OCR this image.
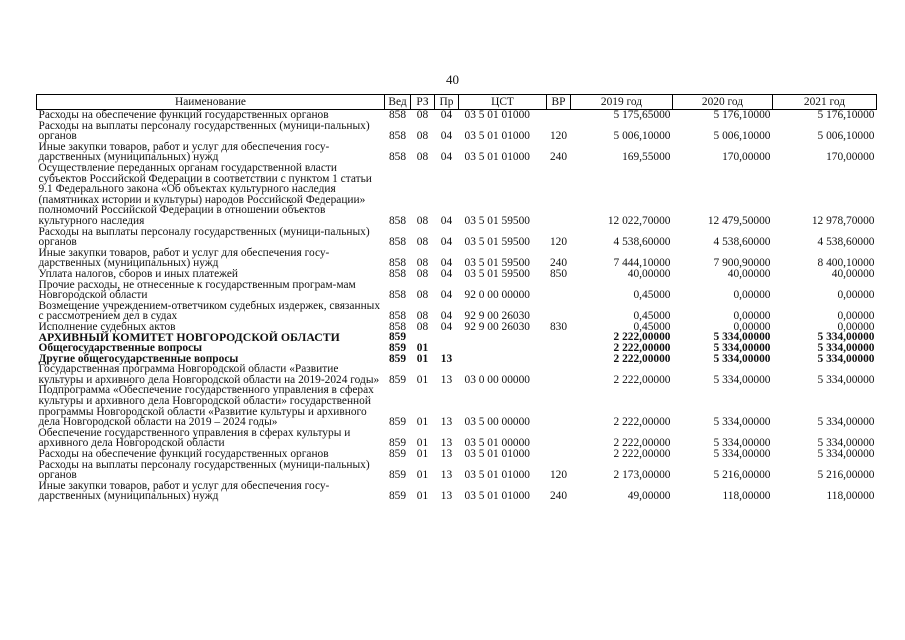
40
Наименование	Вед	РЗ	Пр	ЦСТ	ВР	2019 год	2020 год	2021 год
Расходы на обеспечение функций государственных органов	858	08	04	03 5 01 01000		5 175,65000	5 176,10000	5 176,10000
Расходы на выплаты персоналу государственных (муници-пальных) органов	858	08	04	03 5 01 01000	120	5 006,10000	5 006,10000	5 006,10000
Иные закупки товаров, работ и услуг для обеспечения госу-дарственных (муниципальных) нужд	858	08	04	03 5 01 01000	240	169,55000	170,00000	170,00000
Осуществление переданных органам государственной власти субъектов Российской Федерации в соответствии с пунктом 1 статьи 9.1 Федерального закона «Об объектах культурного наследия (памятниках истории и культуры) народов Российской Федерации» полномочий Российской Федерации в отношении объектов культурного наследия	858	08	04	03 5 01 59500		12 022,70000	12 479,50000	12 978,70000
Расходы на выплаты персоналу государственных (муници-пальных) органов	858	08	04	03 5 01 59500	120	4 538,60000	4 538,60000	4 538,60000
Иные закупки товаров, работ и услуг для обеспечения госу-дарственных (муниципальных) нужд	858	08	04	03 5 01 59500	240	7 444,10000	7 900,90000	8 400,10000
Уплата налогов, сборов и иных платежей	858	08	04	03 5 01 59500	850	40,00000	40,00000	40,00000
Прочие расходы, не отнесенные к государственным програм-мам Новгородской области	858	08	04	92 0 00 00000		0,45000	0,00000	0,00000
Возмещение учреждением-ответчиком судебных издержек, связанных с рассмотрением дел в судах	858	08	04	92 9 00 26030		0,45000	0,00000	0,00000
Исполнение судебных актов	858	08	04	92 9 00 26030	830	0,45000	0,00000	0,00000
АРХИВНЫЙ КОМИТЕТ НОВГОРОДСКОЙ ОБЛАСТИ	859					2 222,00000	5 334,00000	5 334,00000
Общегосударственные вопросы	859	01				2 222,00000	5 334,00000	5 334,00000
Другие общегосударственные вопросы	859	01	13			2 222,00000	5 334,00000	5 334,00000
Государственная программа Новгородской области «Развитие культуры и архивного дела Новгородской области на 2019-2024 годы»	859	01	13	03 0 00 00000		2 222,00000	5 334,00000	5 334,00000
Подпрограмма «Обеспечение государственного управления в сферах культуры и архивного дела Новгородской области» государственной программы Новгородской области «Развитие культуры и архивного дела Новгородской области на 2019 – 2024 годы»	859	01	13	03 5 00 00000		2 222,00000	5 334,00000	5 334,00000
Обеспечение государственного управления в сферах культуры и архивного дела Новгородской области	859	01	13	03 5 01 00000		2 222,00000	5 334,00000	5 334,00000
Расходы на обеспечение функций государственных органов	859	01	13	03 5 01 01000		2 222,00000	5 334,00000	5 334,00000
Расходы на выплаты персоналу государственных (муници-пальных) органов	859	01	13	03 5 01 01000	120	2 173,00000	5 216,00000	5 216,00000
Иные закупки товаров, работ и услуг для обеспечения госу-дарственных (муниципальных) нужд	859	01	13	03 5 01 01000	240	49,00000	118,00000	118,00000
